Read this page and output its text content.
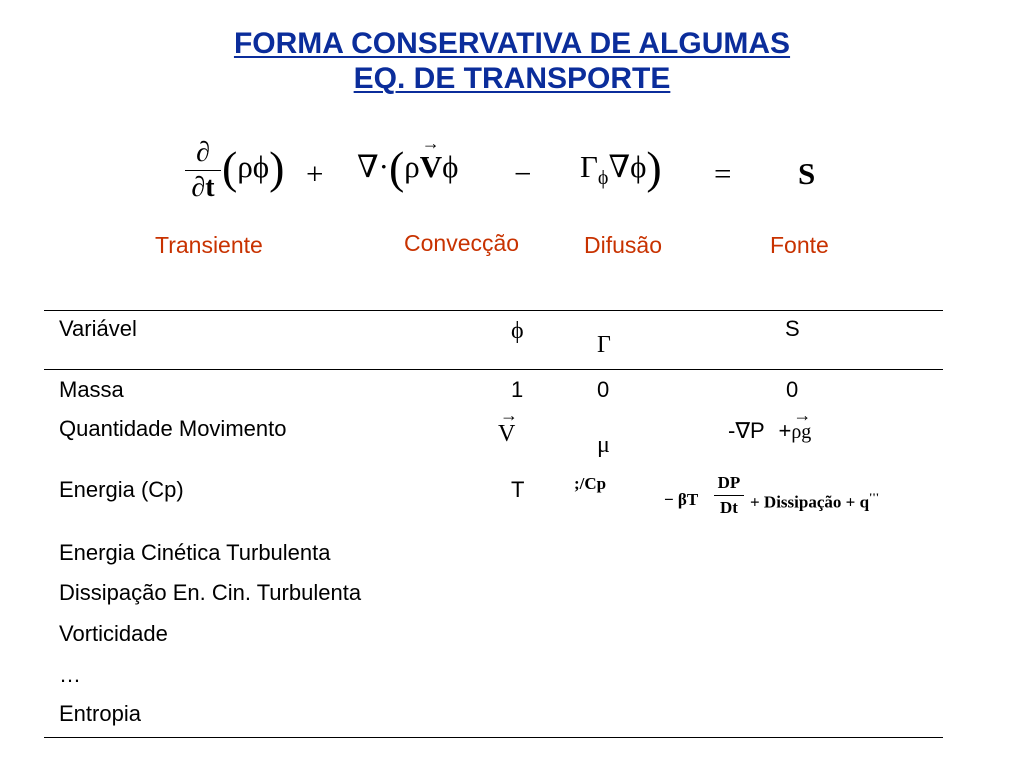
FORMA CONSERVATIVA DE ALGUMAS
EQ. DE TRANSPORTE
∂
∂t $(\rho\phi) + \nabla\cdot(\rho\to V\phi - \Gamma_\phi\nabla\phi) = S$
Transiente	Convecção	Difusão	Fonte
Variável	ϕ
Γ
S
Massa	1	0	0
Quantidade Movimento
→	V	μ
-∇P +→ ρg
Energia (Cp)	T	;/Cp
− βT
DP
Dt + Dissipação + q'''
Energia Cinética Turbulenta
Dissipação En. Cin. Turbulenta
Vorticidade
…
Entropia
